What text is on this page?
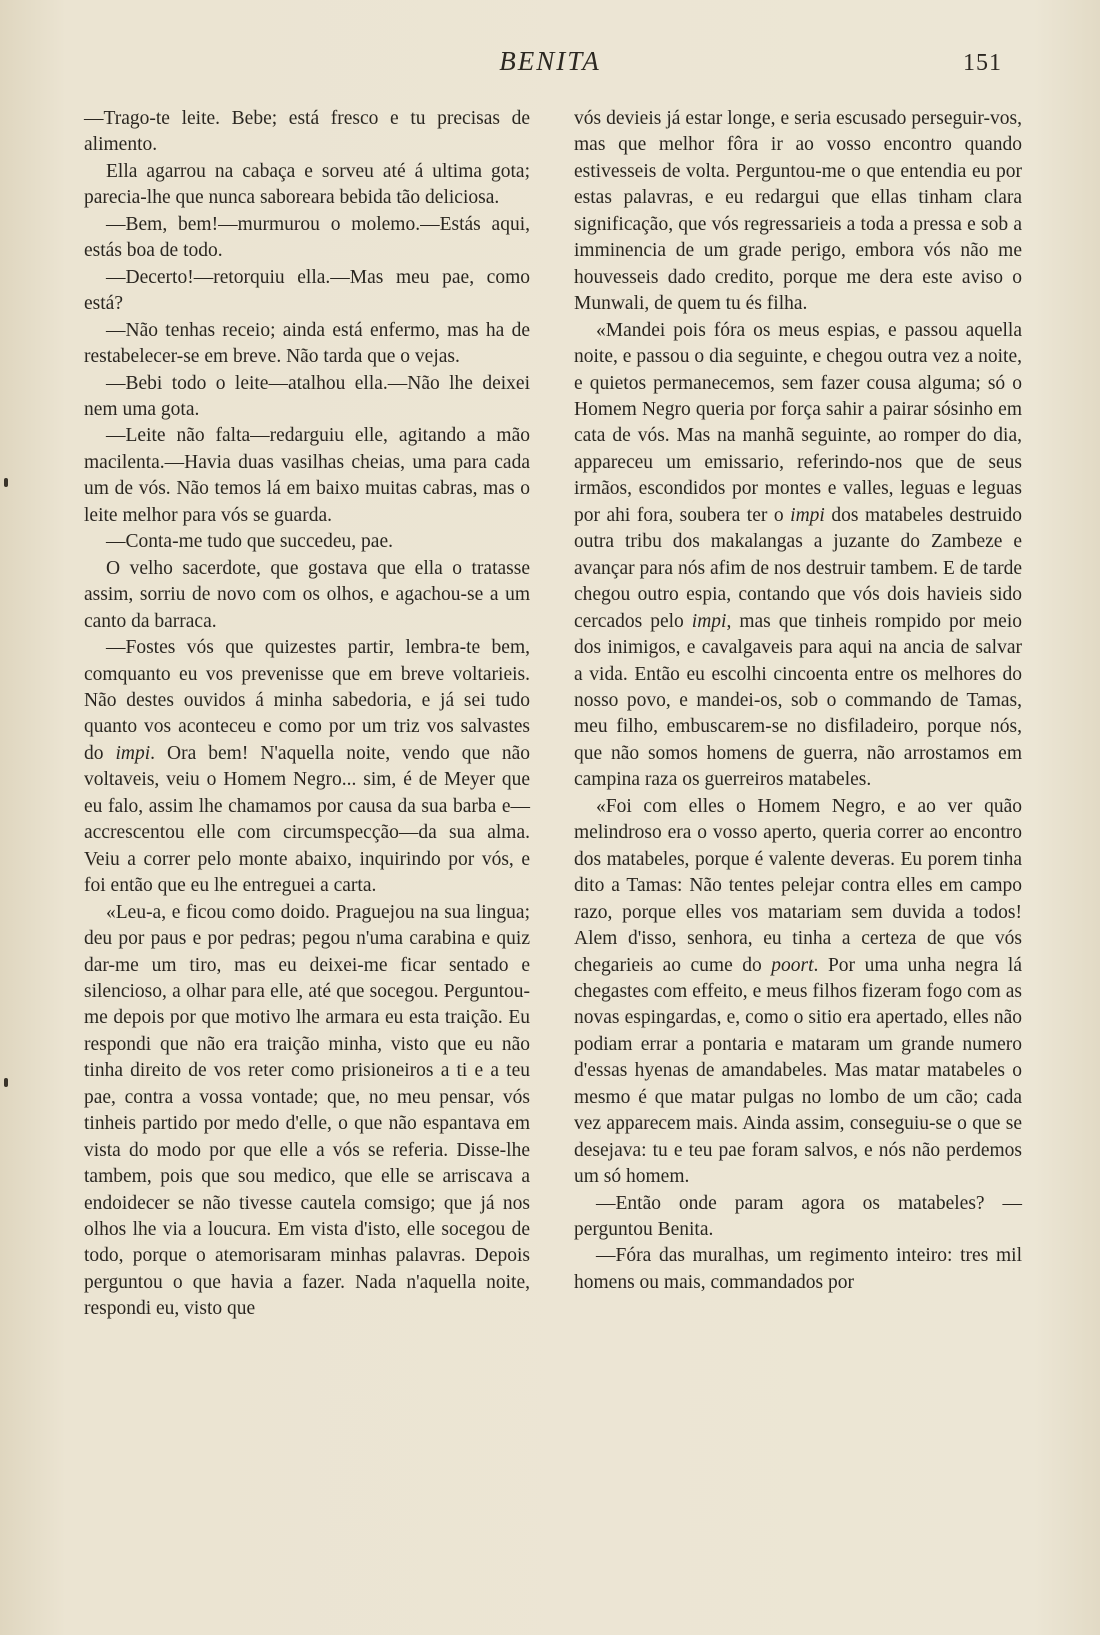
BENITA	151

—Trago-te leite. Bebe; está fresco e tu precisas de alimento.

Ella agarrou na cabaça e sorveu até á ultima gota; parecia-lhe que nunca saboreara bebida tão deliciosa.

—Bem, bem!—murmurou o molemo.—Estás aqui, estás boa de todo.

—Decerto!—retorquiu ella.—Mas meu pae, como está?

—Não tenhas receio; ainda está enfermo, mas ha de restabelecer-se em breve. Não tarda que o vejas.

—Bebi todo o leite—atalhou ella.—Não lhe deixei nem uma gota.

—Leite não falta—redarguiu elle, agitando a mão macilenta.—Havia duas vasilhas cheias, uma para cada um de vós. Não temos lá em baixo muitas cabras, mas o leite melhor para vós se guarda.

—Conta-me tudo que succedeu, pae.

O velho sacerdote, que gostava que ella o tratasse assim, sorriu de novo com os olhos, e agachou-se a um canto da barraca.

—Fostes vós que quizestes partir, lembra-te bem, comquanto eu vos prevenisse que em breve voltarieis. Não destes ouvidos á minha sabedoria, e já sei tudo quanto vos aconteceu e como por um triz vos salvastes do impi. Ora bem! N'aquella noite, vendo que não voltaveis, veiu o Homem Negro... sim, é de Meyer que eu falo, assim lhe chamamos por causa da sua barba e—accrescentou elle com circumspecção—da sua alma. Veiu a correr pelo monte abaixo, inquirindo por vós, e foi então que eu lhe entreguei a carta.

«Leu-a, e ficou como doido. Praguejou na sua lingua; deu por paus e por pedras; pegou n'uma carabina e quiz dar-me um tiro, mas eu deixei-me ficar sentado e silencioso, a olhar para elle, até que socegou. Perguntou-me depois por que motivo lhe armara eu esta traição. Eu respondi que não era traição minha, visto que eu não tinha direito de vos reter como prisioneiros a ti e a teu pae, contra a vossa vontade; que, no meu pensar, vós tinheis partido por medo d'elle, o que não espantava em vista do modo por que elle a vós se referia. Disse-lhe tambem, pois que sou medico, que elle se arriscava a endoidecer se não tivesse cautela comsigo; que já nos olhos lhe via a loucura. Em vista d'isto, elle socegou de todo, porque o atemorisaram minhas palavras. Depois perguntou o que havia a fazer. Nada n'aquella noite, respondi eu, visto que

vós devieis já estar longe, e seria escusado perseguir-vos, mas que melhor fôra ir ao vosso encontro quando estivesseis de volta. Perguntou-me o que entendia eu por estas palavras, e eu redargui que ellas tinham clara significação, que vós regressarieis a toda a pressa e sob a imminencia de um grade perigo, embora vós não me houvesseis dado credito, porque me dera este aviso o Munwali, de quem tu és filha.

«Mandei pois fóra os meus espias, e passou aquella noite, e passou o dia seguinte, e chegou outra vez a noite, e quietos permanecemos, sem fazer cousa alguma; só o Homem Negro queria por força sahir a pairar sósinho em cata de vós. Mas na manhã seguinte, ao romper do dia, appareceu um emissario, referindo-nos que de seus irmãos, escondidos por montes e valles, leguas e leguas por ahi fora, soubera ter o impi dos matabeles destruido outra tribu dos makalangas a juzante do Zambeze e avançar para nós afim de nos destruir tambem. E de tarde chegou outro espia, contando que vós dois havieis sido cercados pelo impi, mas que tinheis rompido por meio dos inimigos, e cavalgaveis para aqui na ancia de salvar a vida. Então eu escolhi cincoenta entre os melhores do nosso povo, e mandei-os, sob o commando de Tamas, meu filho, embuscarem-se no disfiladeiro, porque nós, que não somos homens de guerra, não arrostamos em campina raza os guerreiros matabeles.

«Foi com elles o Homem Negro, e ao ver quão melindroso era o vosso aperto, queria correr ao encontro dos matabeles, porque é valente deveras. Eu porem tinha dito a Tamas: Não tentes pelejar contra elles em campo razo, porque elles vos matariam sem duvida a todos! Alem d'isso, senhora, eu tinha a certeza de que vós chegarieis ao cume do poort. Por uma unha negra lá chegastes com effeito, e meus filhos fizeram fogo com as novas espingardas, e, como o sitio era apertado, elles não podiam errar a pontaria e mataram um grande numero d'essas hyenas de amandabeles. Mas matar matabeles o mesmo é que matar pulgas no lombo de um cão; cada vez apparecem mais. Ainda assim, conseguiu-se o que se desejava: tu e teu pae foram salvos, e nós não perdemos um só homem.

—Então onde param agora os matabeles? —perguntou Benita.

—Fóra das muralhas, um regimento inteiro: tres mil homens ou mais, commandados por
